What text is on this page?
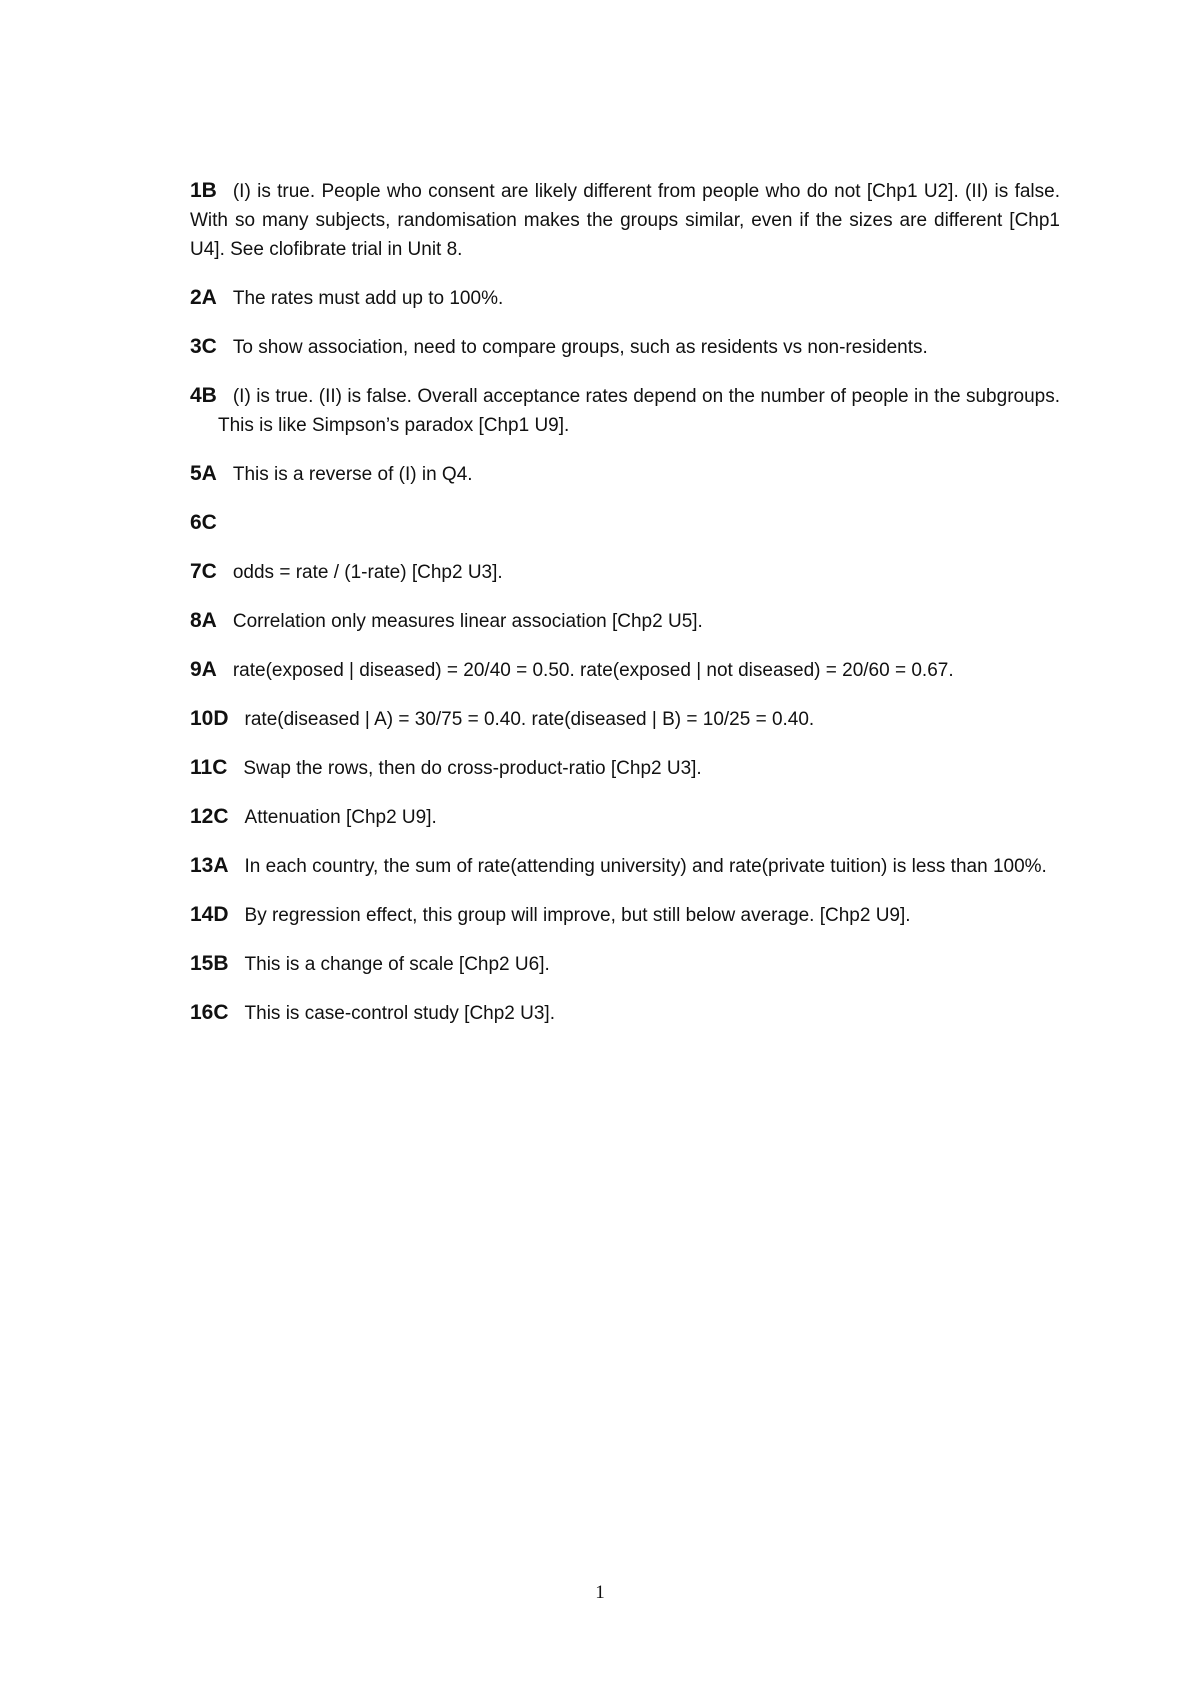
1B (I) is true. People who consent are likely different from people who do not [Chp1 U2]. (II) is false. With so many subjects, randomisation makes the groups similar, even if the sizes are different [Chp1 U4]. See clofibrate trial in Unit 8.

2A The rates must add up to 100%.

3C To show association, need to compare groups, such as residents vs non-residents.

4B (I) is true. (II) is false. Overall acceptance rates depend on the number of people in the subgroups. This is like Simpson’s paradox [Chp1 U9].

5A This is a reverse of (I) in Q4.

6C

7C odds = rate / (1-rate) [Chp2 U3].

8A Correlation only measures linear association [Chp2 U5].

9A rate(exposed | diseased) = 20/40 = 0.50. rate(exposed | not diseased) = 20/60 = 0.67.

10D rate(diseased | A) = 30/75 = 0.40. rate(diseased | B) = 10/25 = 0.40.

11C Swap the rows, then do cross-product-ratio [Chp2 U3].

12C Attenuation [Chp2 U9].

13A In each country, the sum of rate(attending university) and rate(private tuition) is less than 100%.

14D By regression effect, this group will improve, but still below average. [Chp2 U9].

15B This is a change of scale [Chp2 U6].

16C This is case-control study [Chp2 U3].

1
